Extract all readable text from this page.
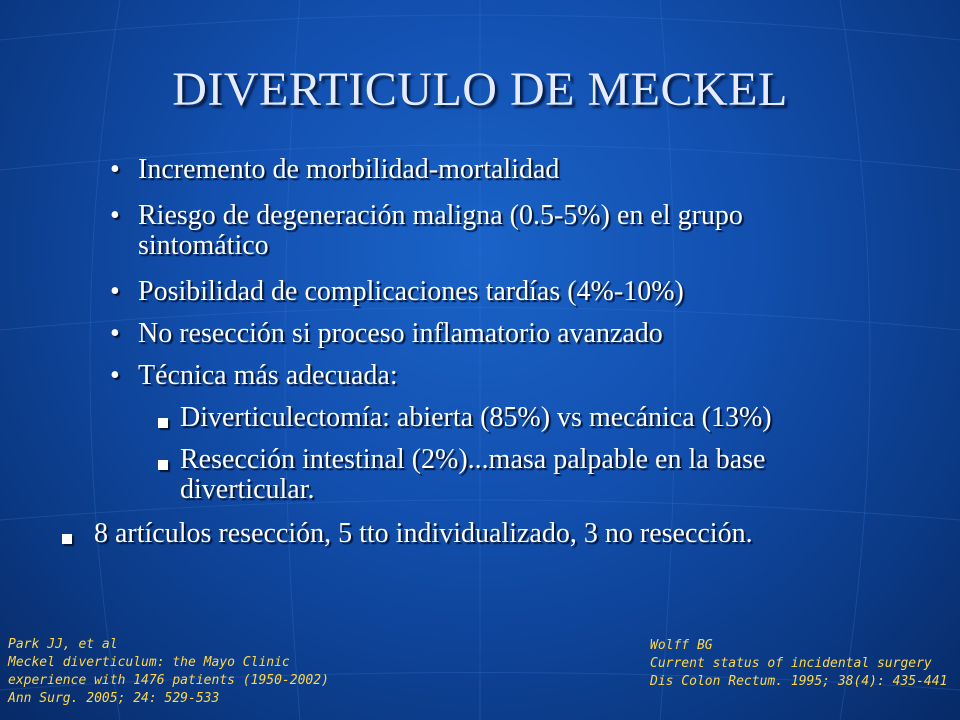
DIVERTICULO DE MECKEL
• Incremento de morbilidad-mortalidad
• Riesgo de degeneración maligna (0.5-5%) en el grupo
sintomático
• Posibilidad de complicaciones tardías (4%-10%)
• No resección si proceso inflamatorio avanzado
• Técnica más adecuada:
Diverticulectomía: abierta (85%) vs mecánica (13%)
Resección intestinal (2%)...masa palpable en la base
diverticular.
8 artículos resección, 5 tto individualizado, 3 no resección.
Park JJ, et al
Meckel diverticulum: the Mayo Clinic
experience with 1476 patients (1950-2002)
Ann Surg. 2005; 24: 529-533
Wolff BG
Current status of incidental surgery
Dis Colon Rectum. 1995; 38(4): 435-441
